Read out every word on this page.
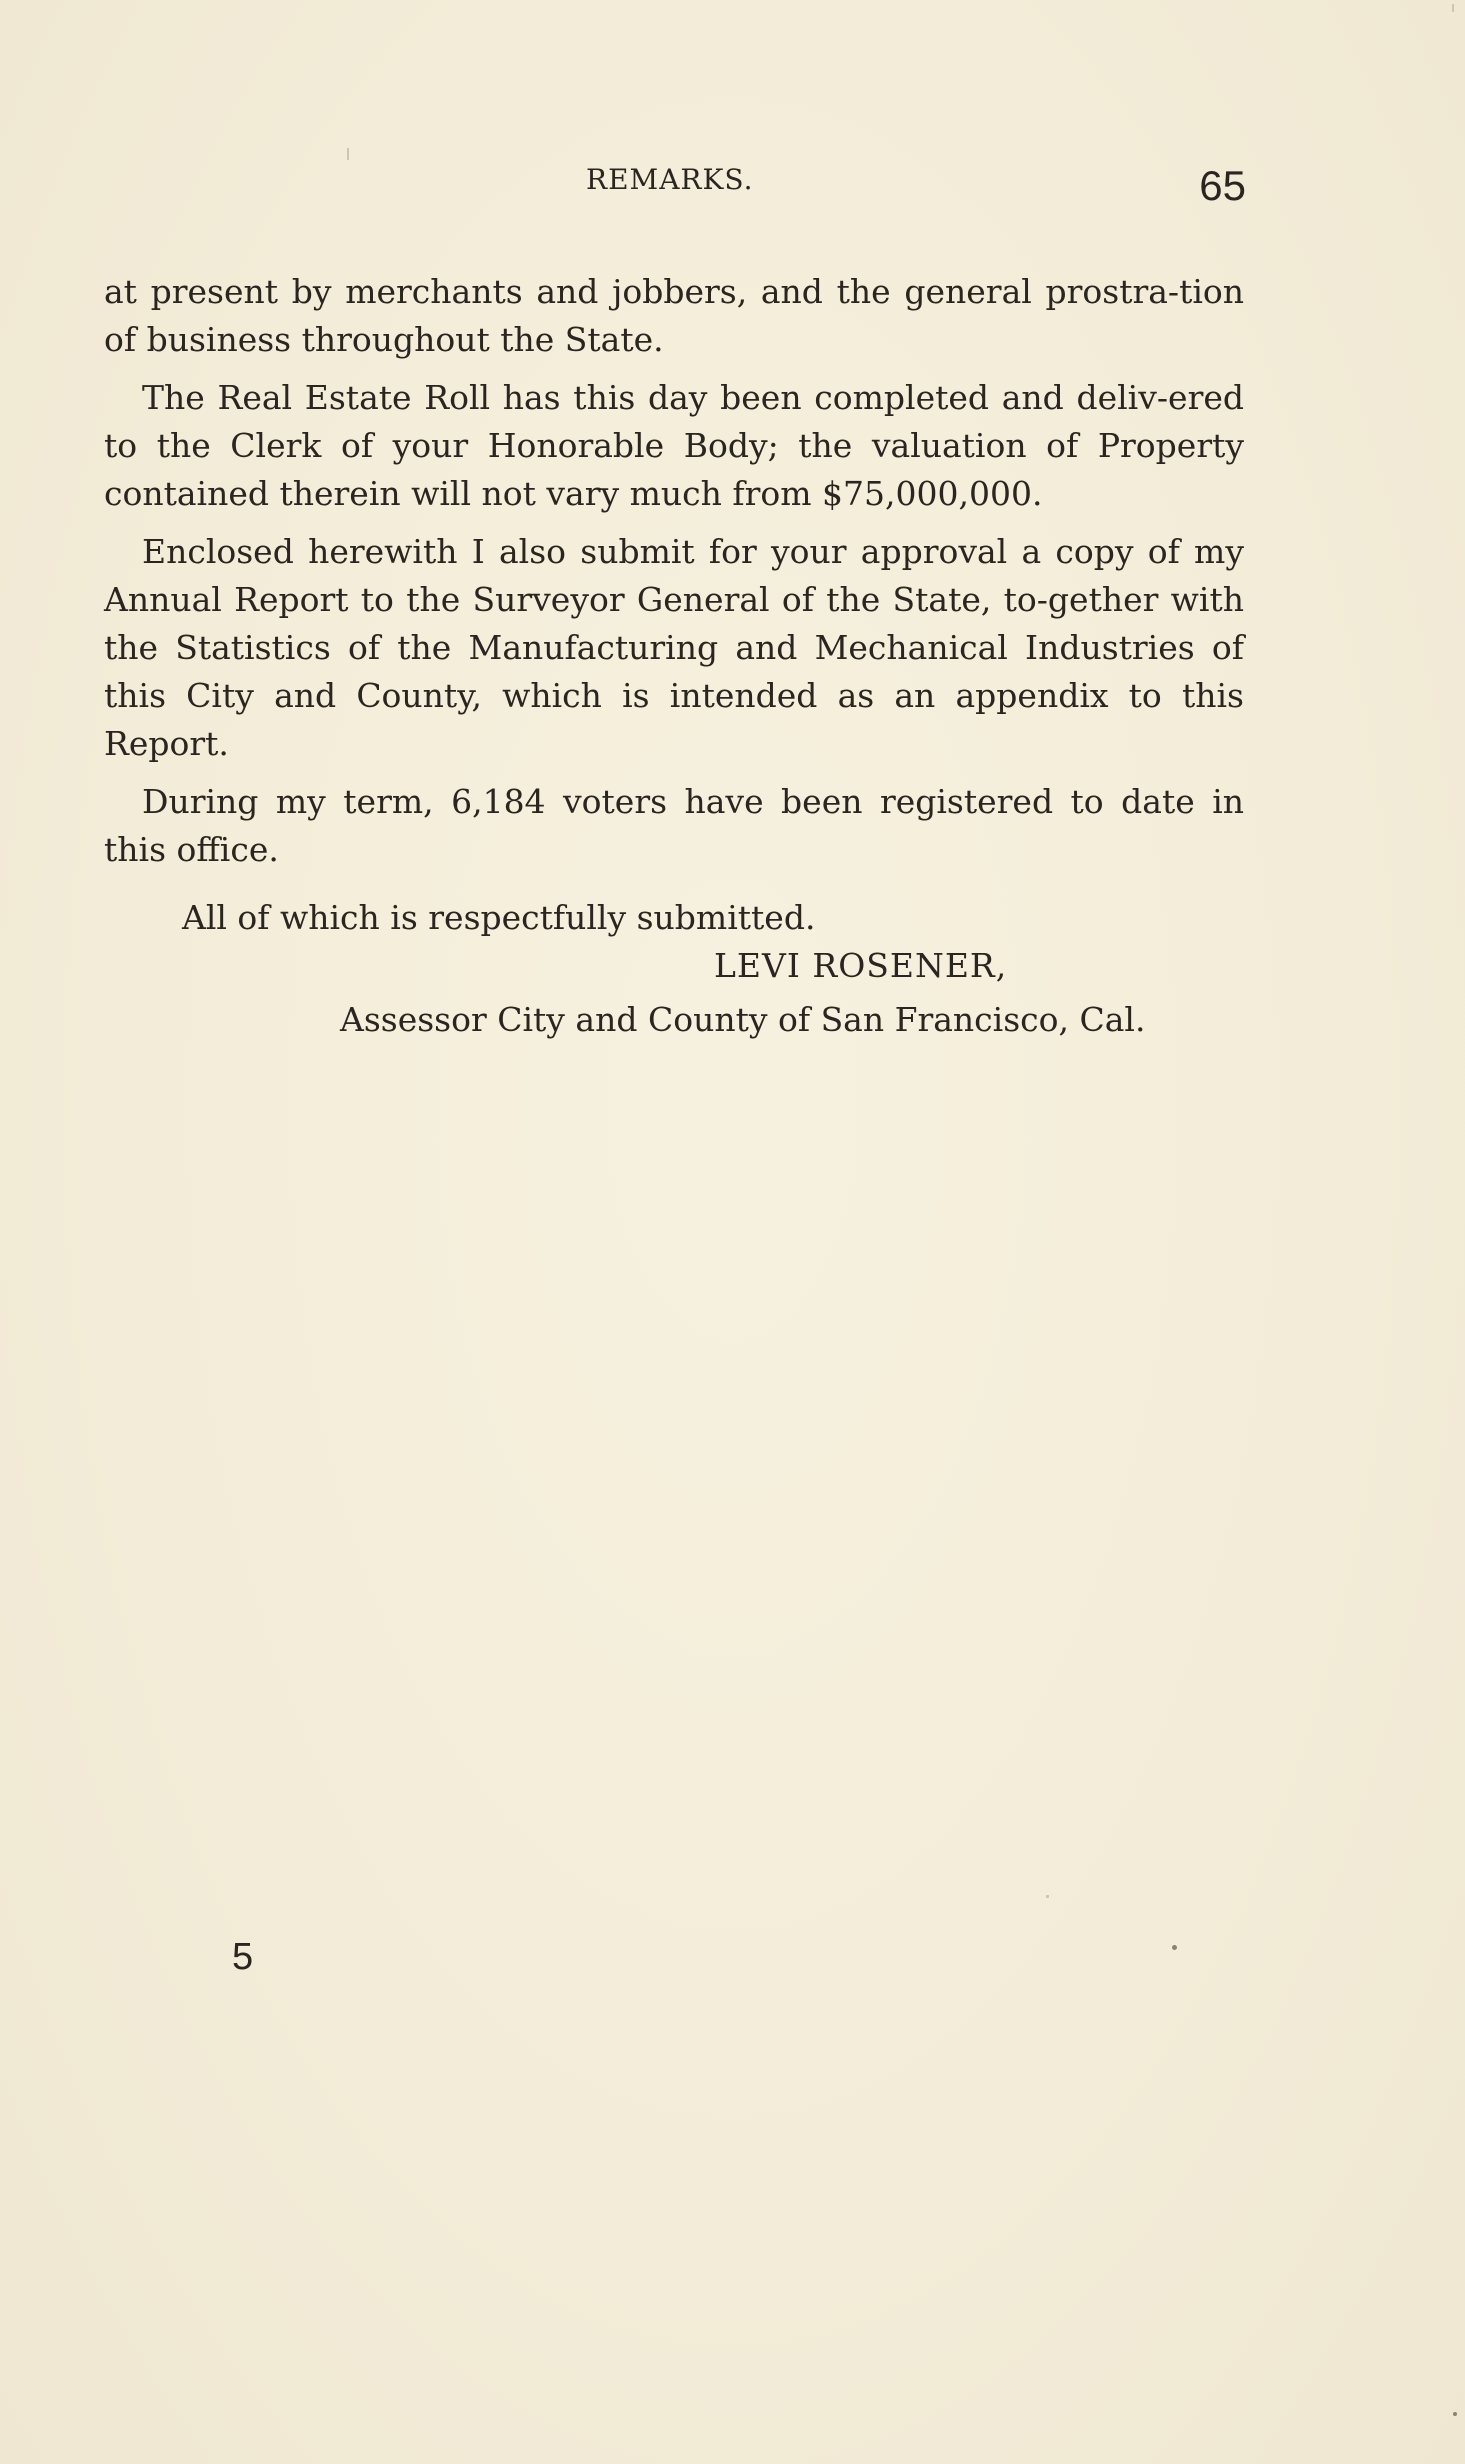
REMARKS.	65

at present by merchants and jobbers, and the general prostra-tion of business throughout the State.

The Real Estate Roll has this day been completed and deliv-ered to the Clerk of your Honorable Body; the valuation of Property contained therein will not vary much from $75,000,000.

Enclosed herewith I also submit for your approval a copy of my Annual Report to the Surveyor General of the State, to-gether with the Statistics of the Manufacturing and Mechanical Industries of this City and County, which is intended as an appendix to this Report.

During my term, 6,184 voters have been registered to date in this office.

All of which is respectfully submitted.

LEVI ROSENER,

Assessor City and County of San Francisco, Cal.

5
